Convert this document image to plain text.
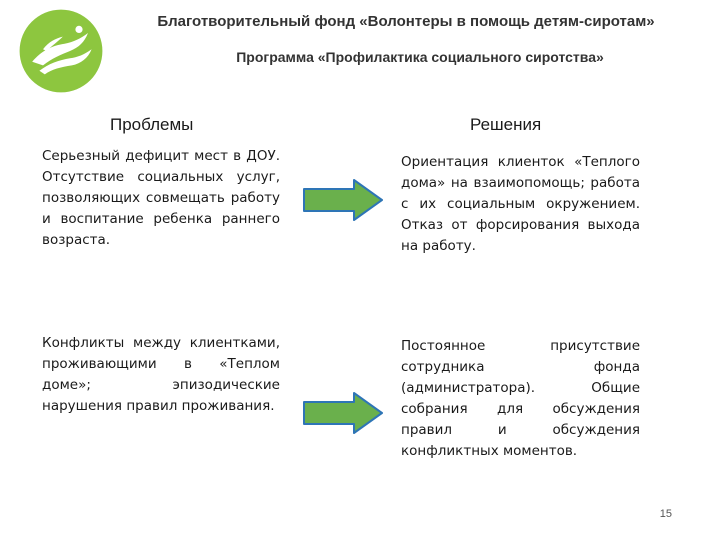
Благотворительный фонд «Волонтеры в помощь детям-сиротам»
Программа «Профилактика социального сиротства»
Проблемы	Решения
Серьезный дефицит мест в ДОУ. Отсутствие социальных услуг, позволяющих совмещать работу и воспитание ребенка раннего возраста.
Ориентация клиенток «Теплого дома» на взаимопомощь; работа с их социальным окружением. Отказ от форсирования выхода на работу.
Конфликты между клиентками, проживающими в «Теплом доме»; эпизодические нарушения правил проживания.
Постоянное присутствие сотрудника фонда (администратора). Общие собрания для обсуждения правил и обсуждения конфликтных моментов.
15
